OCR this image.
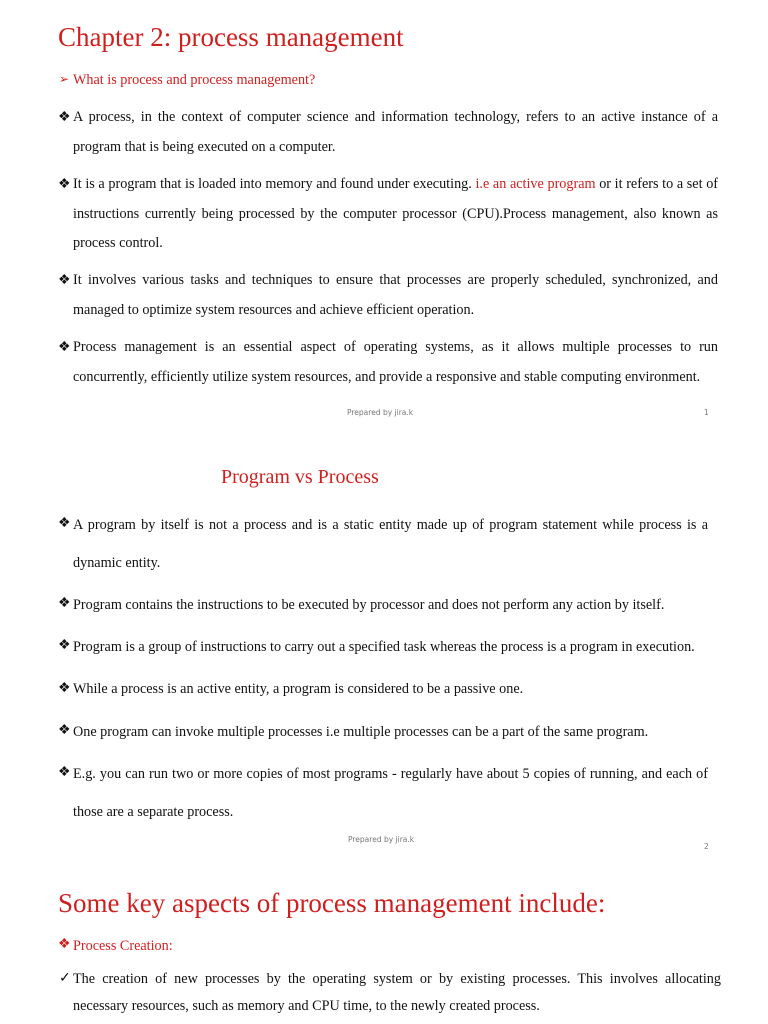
Chapter 2: process management
➢ What is process and process management?
❖ A process, in the context of computer science and information technology, refers to an active instance of a program that is being executed on a computer.
❖ It is a program that is loaded into memory and found under executing. i.e an active program or it refers to a set of instructions currently being processed by the computer processor (CPU).Process management, also known as process control.
❖ It involves various tasks and techniques to ensure that processes are properly scheduled, synchronized, and managed to optimize system resources and achieve efficient operation.
❖ Process management is an essential aspect of operating systems, as it allows multiple processes to run concurrently, efficiently utilize system resources, and provide a responsive and stable computing environment.
Prepared by jira.k	1
Program vs Process
❖ A program by itself is not a process and is a static entity made up of program statement while process is a dynamic entity.
❖ Program contains the instructions to be executed by processor and does not perform any action by itself.
❖ Program is a group of instructions to carry out a specified task whereas the process is a program in execution.
❖ While a process is an active entity, a program is considered to be a passive one.
❖ One program can invoke multiple processes i.e multiple processes can be a part of the same program.
❖ E.g. you can run two or more copies of most programs - regularly have about 5 copies of running, and each of those are a separate process.
Prepared by jira.k
2
Some key aspects of process management include:
❖ Process Creation:
✓ The creation of new processes by the operating system or by existing processes. This involves allocating necessary resources, such as memory and CPU time, to the newly created process.
